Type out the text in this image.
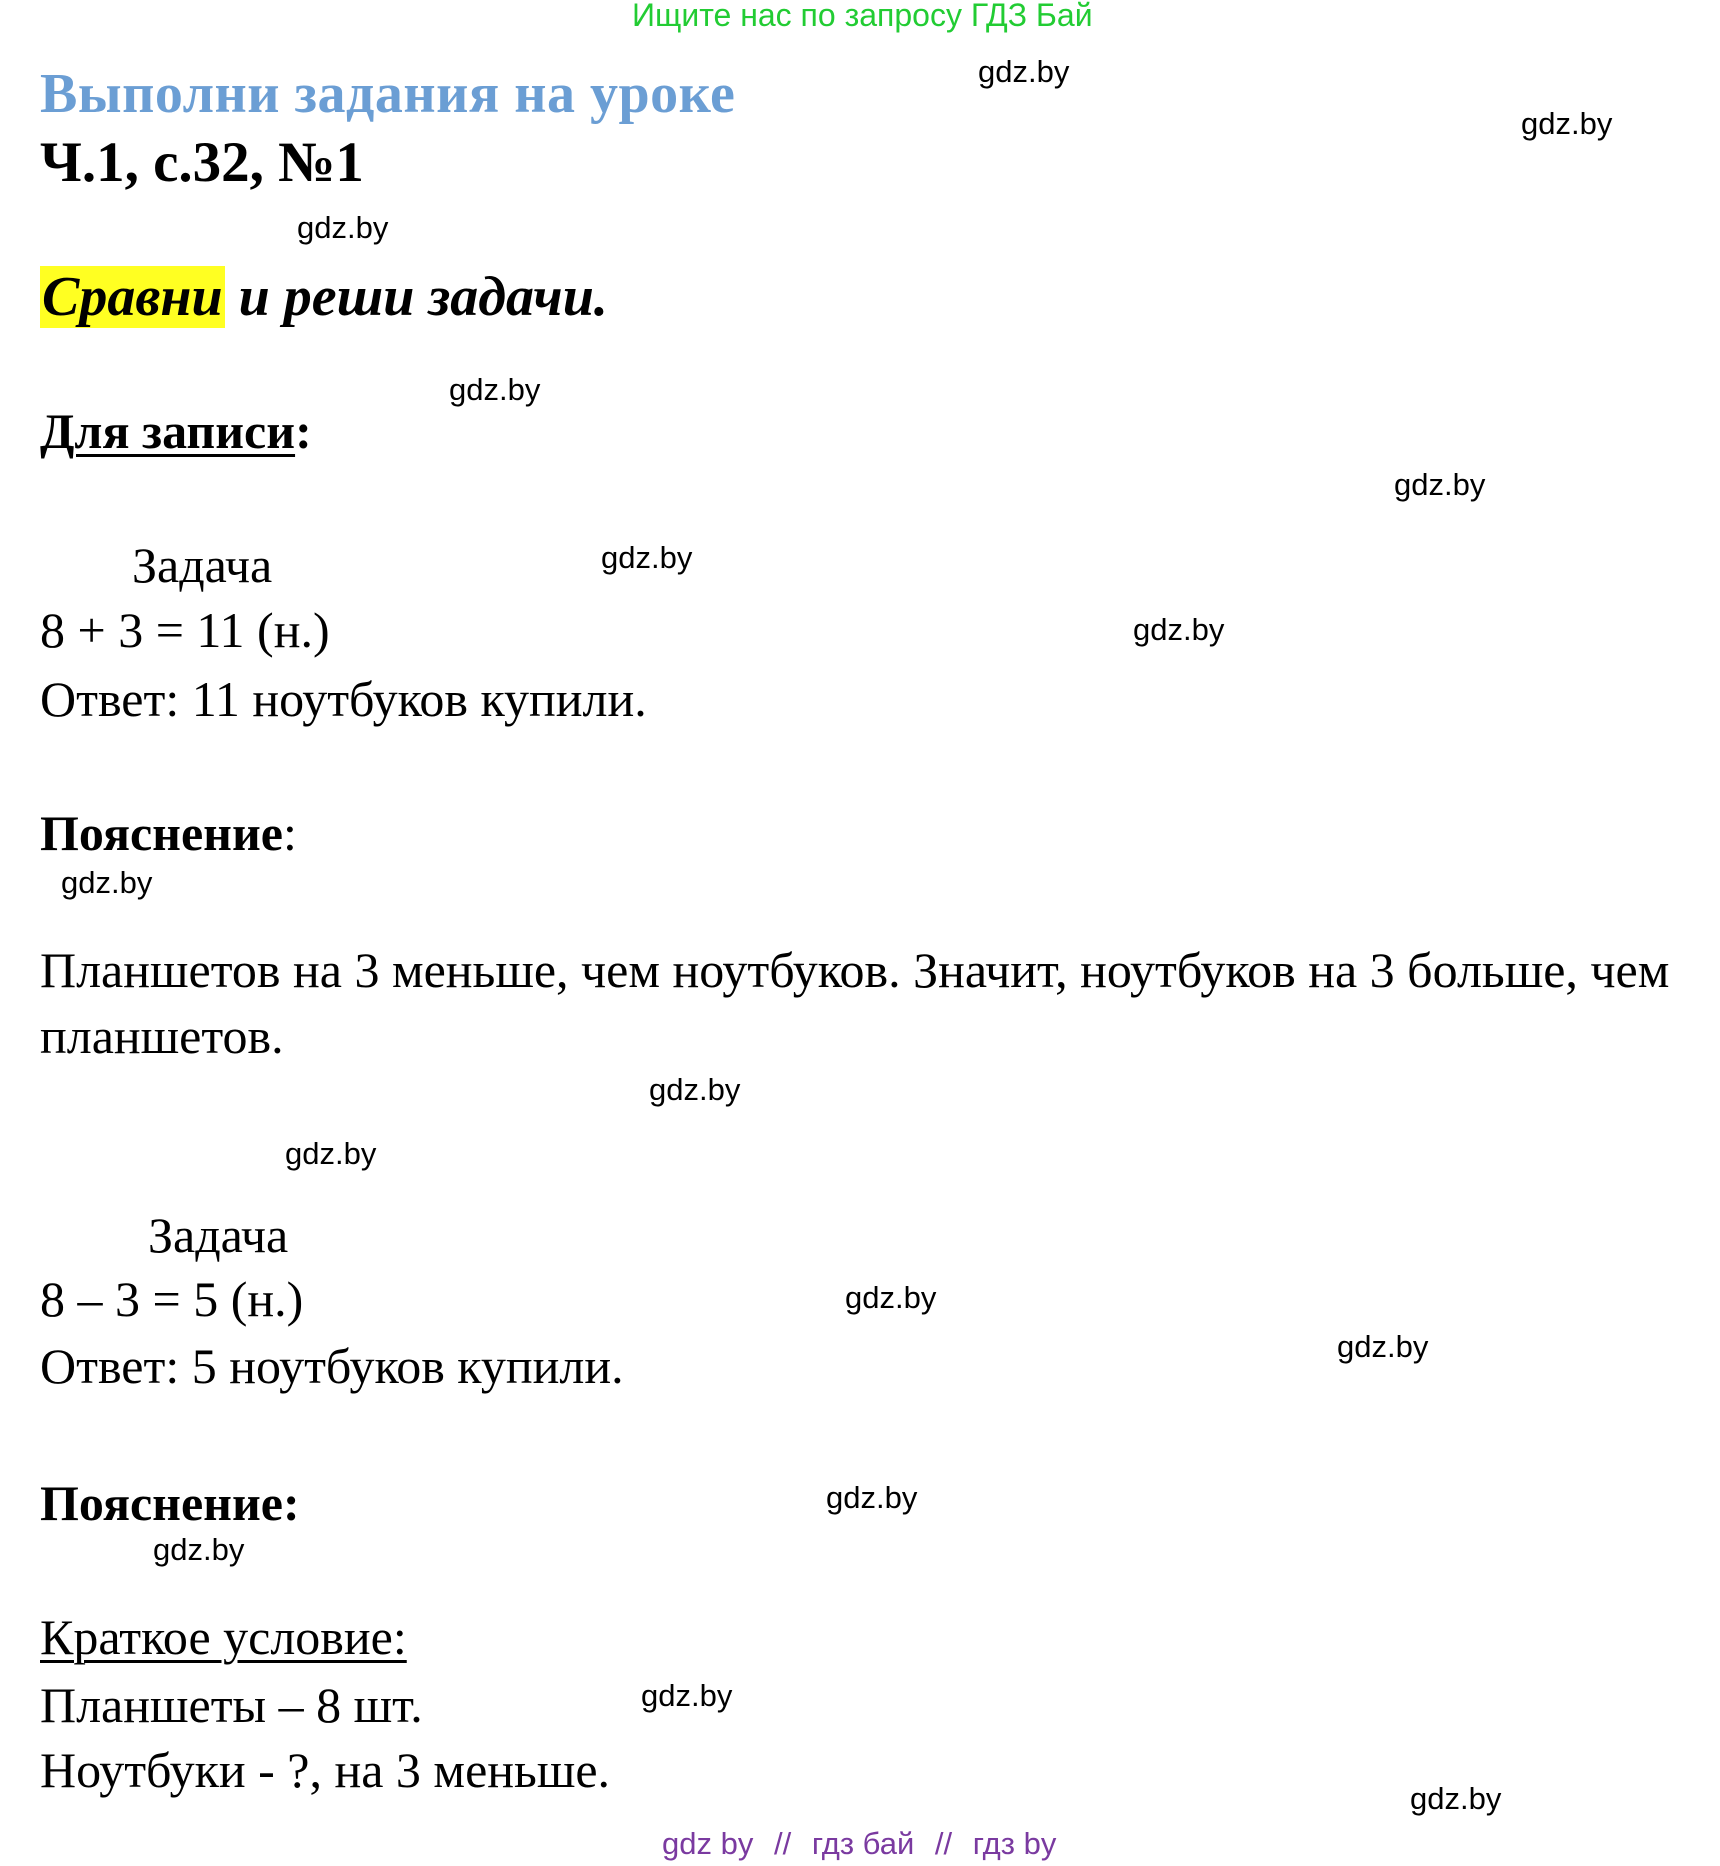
Ищите нас по запросу ГДЗ Бай
Выполни задания на уроке
Ч.1, с.32, №1
Сравни и реши задачи.
Для записи:
Задача
8 + 3 = 11 (н.)
Ответ: 11 ноутбуков купили.
Пояснение:
Планшетов на 3 меньше, чем ноутбуков. Значит, ноутбуков на 3 больше, чем планшетов.
Задача
8 – 3 = 5 (н.)
Ответ: 5 ноутбуков купили.
Пояснение:
Краткое условие:
Планшеты – 8 шт.
Ноутбуки - ?, на 3 меньше.
gdz.by
gdz.by
gdz.by
gdz.by
gdz.by
gdz.by
gdz.by
gdz.by
gdz.by
gdz.by
gdz.by
gdz.by
gdz.by
gdz.by
gdz.by
gdz.by
gdz by // гдз бай // гдз by
